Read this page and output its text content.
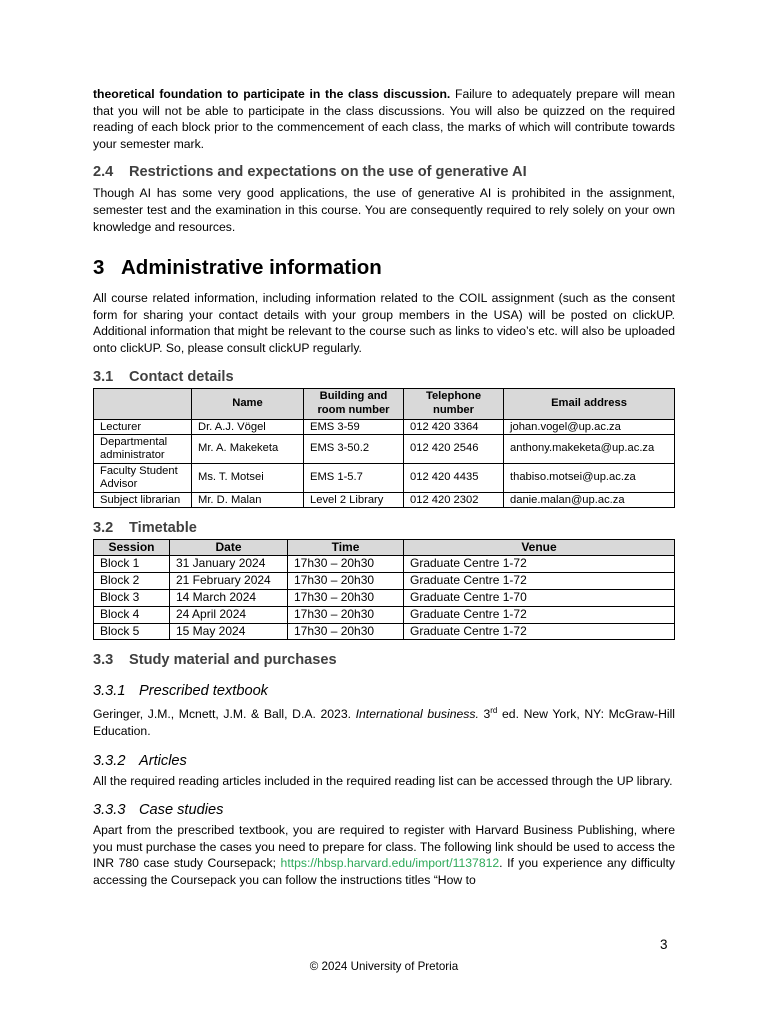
theoretical foundation to participate in the class discussion. Failure to adequately prepare will mean that you will not be able to participate in the class discussions. You will also be quizzed on the required reading of each block prior to the commencement of each class, the marks of which will contribute towards your semester mark.

2.4 Restrictions and expectations on the use of generative AI

Though AI has some very good applications, the use of generative AI is prohibited in the assignment, semester test and the examination in this course. You are consequently required to rely solely on your own knowledge and resources.

3 Administrative information

All course related information, including information related to the COIL assignment (such as the consent form for sharing your contact details with your group members in the USA) will be posted on clickUP. Additional information that might be relevant to the course such as links to video’s etc. will also be uploaded onto clickUP. So, please consult clickUP regularly.

3.1 Contact details
	Name	Building and room number	Telephone number	Email address
Lecturer	Dr. A.J. Vögel	EMS 3-59	012 420 3364	johan.vogel@up.ac.za
Departmental administrator	Mr. A. Makeketa	EMS 3-50.2	012 420 2546	anthony.makeketa@up.ac.za
Faculty Student Advisor	Ms. T. Motsei	EMS 1-5.7	012 420 4435	thabiso.motsei@up.ac.za
Subject librarian	Mr. D. Malan	Level 2 Library	012 420 2302	danie.malan@up.ac.za
3.2 Timetable
Session	Date	Time	Venue
Block 1	31 January 2024	17h30 – 20h30	Graduate Centre 1-72
Block 2	21 February 2024	17h30 – 20h30	Graduate Centre 1-72
Block 3	14 March 2024	17h30 – 20h30	Graduate Centre 1-70
Block 4	24 April 2024	17h30 – 20h30	Graduate Centre 1-72
Block 5	15 May 2024	17h30 – 20h30	Graduate Centre 1-72
3.3 Study material and purchases
3.3.1 Prescribed textbook

Geringer, J.M., Mcnett, J.M. & Ball, D.A. 2023. International business. 3rd ed. New York, NY: McGraw-Hill Education.

3.3.2 Articles

All the required reading articles included in the required reading list can be accessed through the UP library.

3.3.3 Case studies

Apart from the prescribed textbook, you are required to register with Harvard Business Publishing, where you must purchase the cases you need to prepare for class. The following link should be used to access the INR 780 case study Coursepack; https://hbsp.harvard.edu/import/1137812. If you experience any difficulty accessing the Coursepack you can follow the instructions titles “How to

3
© 2024 University of Pretoria
